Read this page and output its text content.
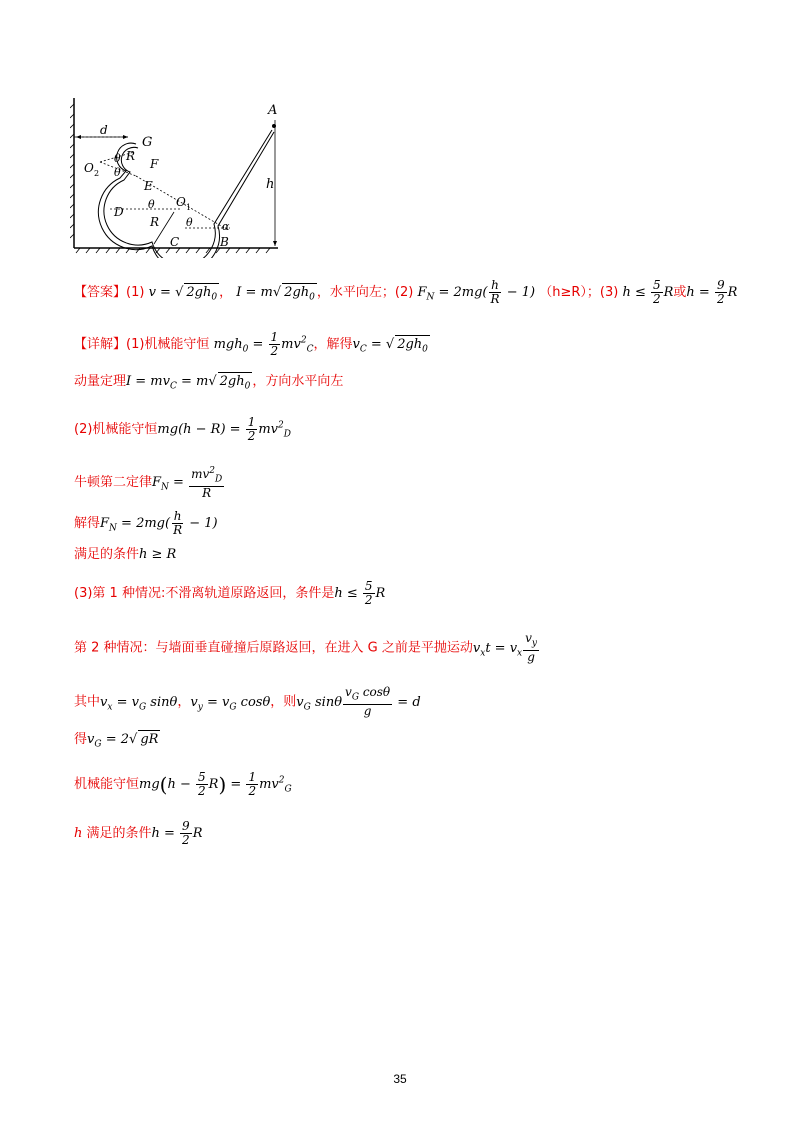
A
G
F
E
D
C	B
O 1
O 2
d
h
R
R
θ
θ
θ
θ	α
【答案】(1) v = √ $2gh_0$ ， I = m√ $2gh_0$ ，水平向左；(2) $F_N = 2mg( \frac{h}{R} - 1)$ （h≥R）；(3) $h \le \frac{5}{2}$ R或$h = \frac{9}{2}$ R
【详解】(1)机械能守恒 $mgh_0 = \frac{1}{2} mv^2_C$，解得$v_C$ = √ $2gh_0$
动量定理$I = mv_C = m√$ $2gh_0$ ，方向水平向左
(2)机械能守恒$mg(h - R) = \frac{1}{2} mv^2_D$
牛顿第二定律$F_N = \frac{mv^2_D}{R}$
解得$F_N = 2mg( \frac{h}{R} - 1)$
满足的条件h ≥ R
(3)第 1 种情况:不滑离轨道原路返回，条件是$h \le \frac{5}{2}$ R
第 2 种情况：与墙面垂直碰撞后原路返回，在进入 G 之前是平抛运动$v_xt = v_x \frac{v_y}{g}$
其中$v_x = v_G$ sinθ，$v_y = v_G$ cosθ，则$v_G$ sinθ $\frac{v_G \cos\theta}{g} = d$
得$v_G = 2√$ gR
机械能守恒$mg(h - \frac{5}{2} R) = \frac{1}{2} mv^2_G$
h 满足的条件$h = \frac{9}{2}$ R
35
